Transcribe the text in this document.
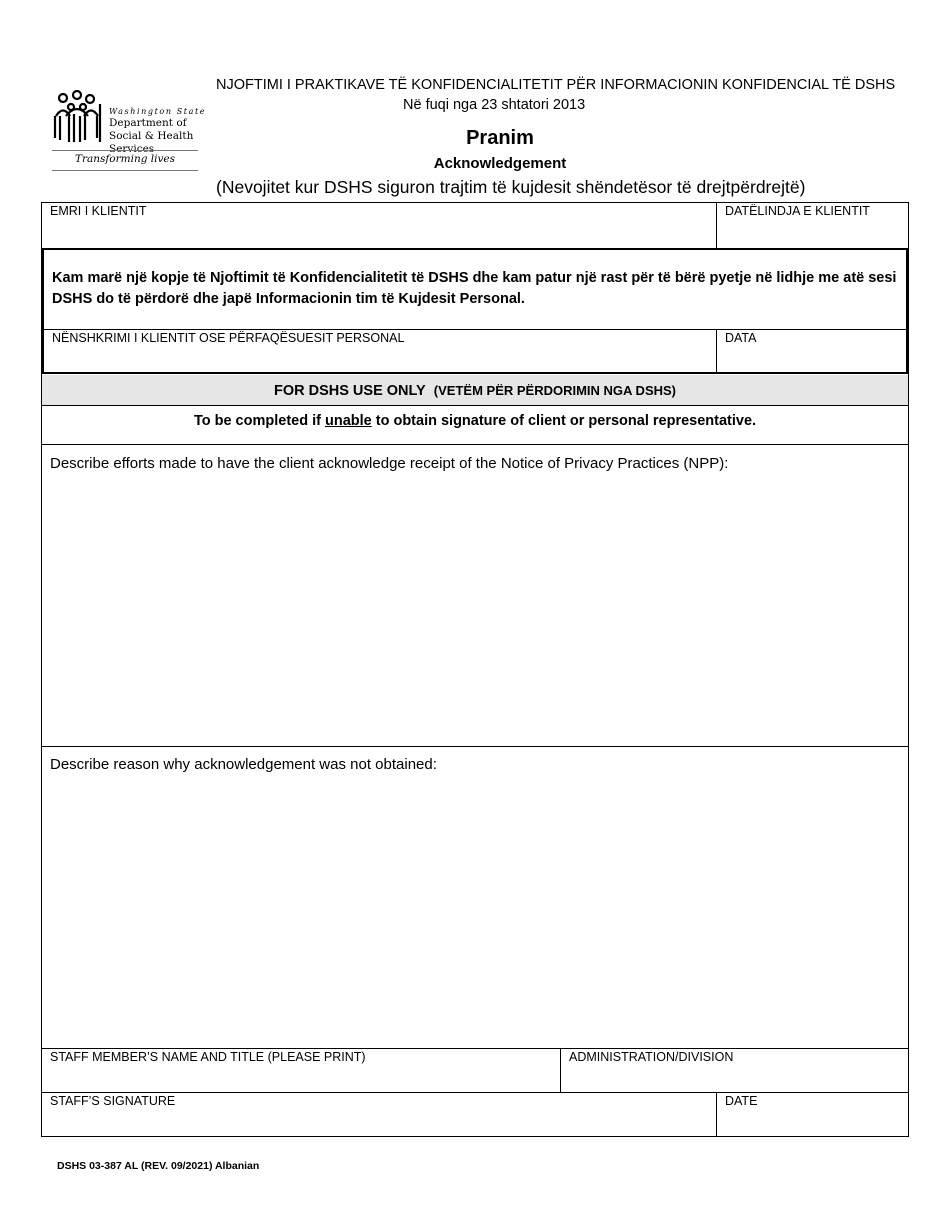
Washington State
Department of Social & Health Services
Transforming lives
NJOFTIMI I PRAKTIKAVE TË KONFIDENCIALITETIT PËR INFORMACIONIN KONFIDENCIAL TË DSHS
Në fuqi nga 23 shtatori 2013
Pranim
Acknowledgement
(Nevojitet kur DSHS siguron trajtim të kujdesit shëndetësor të drejtpërdrejtë)
EMRI I KLIENTIT	DATËLINDJA E KLIENTIT
Kam marë një kopje të Njoftimit të Konfidencialitetit të DSHS dhe kam patur një rast për të bërë pyetje në lidhje me atë sesi DSHS do të përdorë dhe japë Informacionin tim të Kujdesit Personal.
NËNSHKRIMI I KLIENTIT OSE PËRFAQËSUESIT PERSONAL	DATA
FOR DSHS USE ONLY (VETËM PËR PËRDORIMIN NGA DSHS)
To be completed if unable to obtain signature of client or personal representative.
Describe efforts made to have the client acknowledge receipt of the Notice of Privacy Practices (NPP):
Describe reason why acknowledgement was not obtained:
STAFF MEMBER’S NAME AND TITLE (PLEASE PRINT)	ADMINISTRATION/DIVISION
STAFF’S SIGNATURE	DATE
DSHS 03-387 AL (REV. 09/2021) Albanian
